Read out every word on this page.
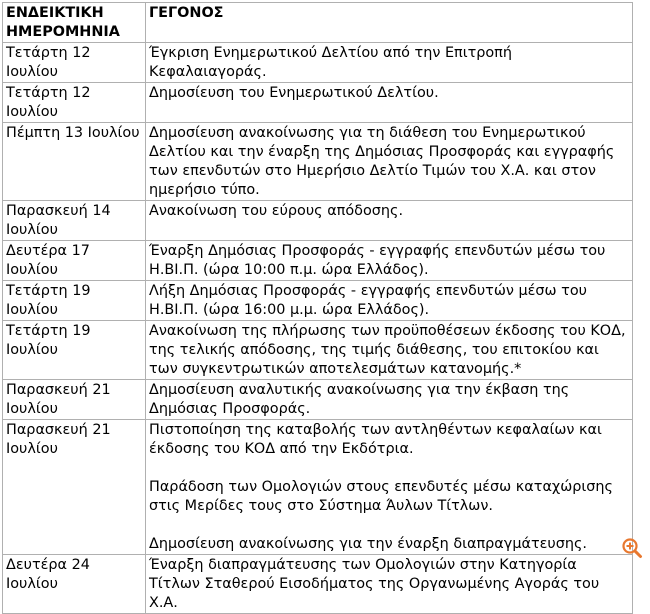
ΕΝΔΕΙΚΤΙΚΗ ΗΜΕΡΟΜΗΝΙΑ	ΓΕΓΟΝΟΣ
Τετάρτη 12 Ιουλίου	Έγκριση Ενημερωτικού Δελτίου από την Επιτροπή Κεφαλαιαγοράς.

Τετάρτη 12 Ιουλίου	Δημοσίευση του Ενημερωτικού Δελτίου.

Πέμπτη 13 Ιουλίου	Δημοσίευση ανακοίνωσης για τη διάθεση του Ενημερωτικού Δελτίου και την έναρξη της Δημόσιας Προσφοράς και εγγραφής των επενδυτών στο Ημερήσιο Δελτίο Τιμών του Χ.Α. και στον ημερήσιο τύπο.

Παρασκευή 14 Ιουλίου	Ανακοίνωση του εύρους απόδοσης.

Δευτέρα 17 Ιουλίου	Έναρξη Δημόσιας Προσφοράς - εγγραφής επενδυτών μέσω του Η.ΒΙ.Π. (ώρα 10:00 π.μ. ώρα Ελλάδος).

Τετάρτη 19 Ιουλίου	Λήξη Δημόσιας Προσφοράς - εγγραφής επενδυτών μέσω του Η.ΒΙ.Π. (ώρα 16:00 μ.μ. ώρα Ελλάδος).

Τετάρτη 19 Ιουλίου	Ανακοίνωση της πλήρωσης των προϋποθέσεων έκδοσης του ΚΟΔ, της τελικής απόδοσης, της τιμής διάθεσης, του επιτοκίου και των συγκεντρωτικών αποτελεσμάτων κατανομής.*

Παρασκευή 21 Ιουλίου	Δημοσίευση αναλυτικής ανακοίνωσης για την έκβαση της Δημόσιας Προσφοράς.

Παρασκευή 21 Ιουλίου	Πιστοποίηση της καταβολής των αντληθέντων κεφαλαίων και έκδοσης του ΚΟΔ από την Εκδότρια.
Παράδοση των Ομολογιών στους επενδυτές μέσω καταχώρισης στις Μερίδες τους στο Σύστημα Άυλων Τίτλων.
Δημοσίευση ανακοίνωσης για την έναρξη διαπραγμάτευσης.

Δευτέρα 24 Ιουλίου	Έναρξη διαπραγμάτευσης των Ομολογιών στην Κατηγορία Τίτλων Σταθερού Εισοδήματος της Οργανωμένης Αγοράς του Χ.Α.
